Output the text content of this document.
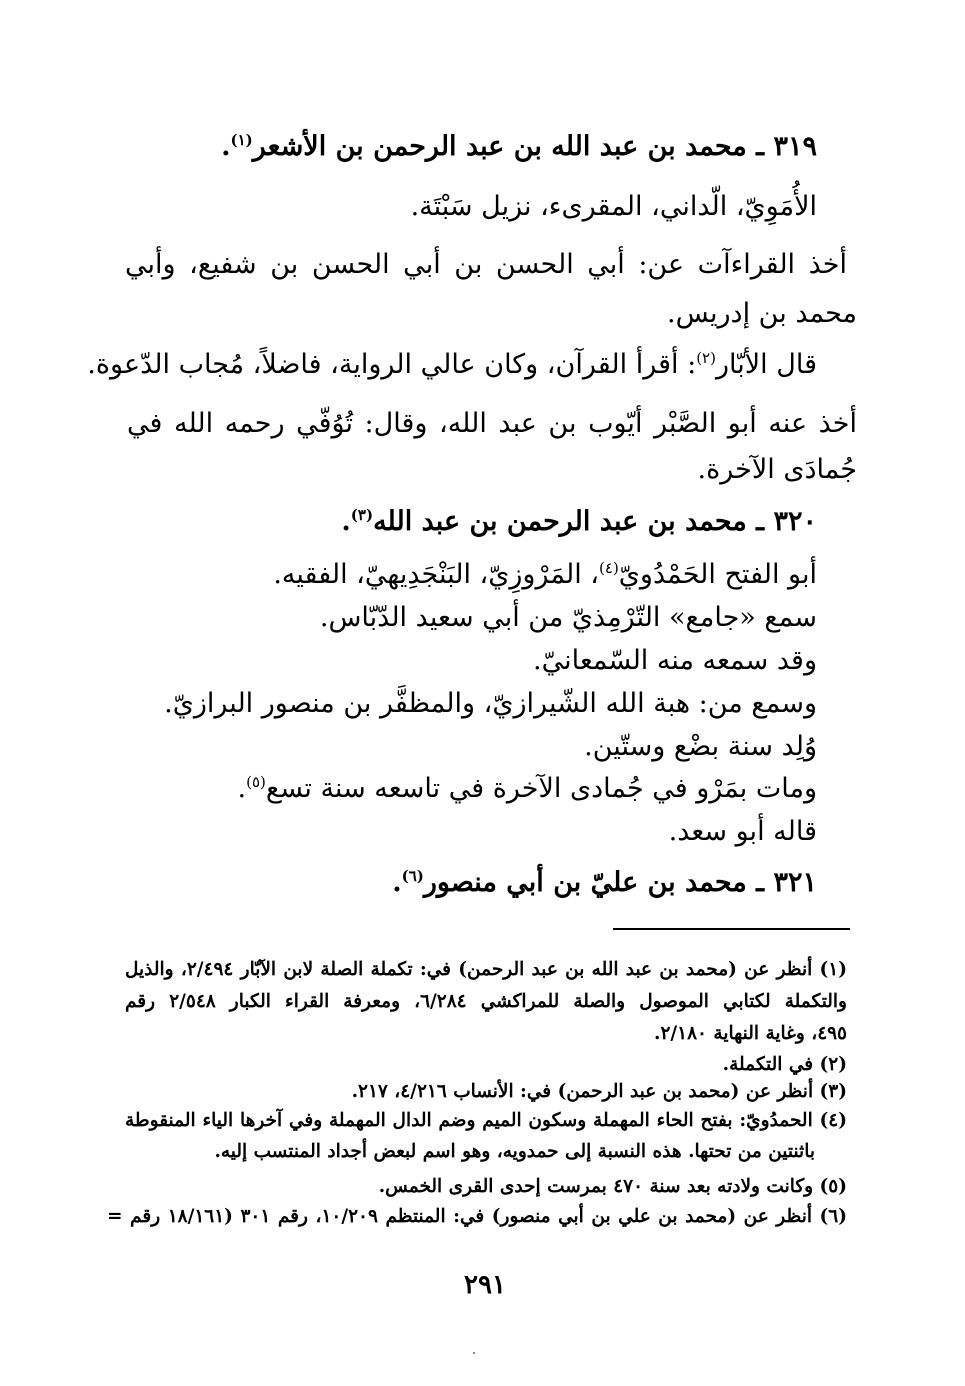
٣١٩ ـ محمد بن عبد الله بن عبد الرحمن بن الأشعر$^{(١)}$.
الأُمَوِيّ، الّداني، المقرىء، نزيل سَبْتَة.
أخذ القراءآت عن: أبي الحسن بن أبي الحسن بن شفيع، وأبي
محمد بن إدريس.
قال الأبّار$^{(٢)}$: أقرأ القرآن، وكان عالي الرواية، فاضلاً، مُجاب الدّعوة.
أخذ عنه أبو الصَّبْر أيّوب بن عبد الله، وقال: تُوُفّي رحمه الله في
جُمادَى الآخرة.
٣٢٠ ـ محمد بن عبد الرحمن بن عبد الله$^{(٣)}$.
أبو الفتح الحَمْدُويّ$^{(٤)}$، المَرْوزِيّ، البَنْجَدِيهيّ، الفقيه.
سمع «جامع» التّرْمِذيّ من أبي سعيد الدّبّاس.
وقد سمعه منه السّمعانيّ.
وسمع من: هبة الله الشّيرازيّ، والمظفَّر بن منصور البرازيّ.
وُلِد سنة بضْع وستّين.
ومات بمَرْو في جُمادى الآخرة في تاسعه سنة تسع$^{(٥)}$.
قاله أبو سعد.
٣٢١ ـ محمد بن عليّ بن أبي منصور$^{(٦)}$.
(١) أنظر عن (محمد بن عبد الله بن عبد الرحمن) في: تكملة الصلة لابن الآبّار ٢/٤٩٤، والذيل
والتكملة لكتابي الموصول والصلة للمراكشي ٦/٢٨٤، ومعرفة القراء الكبار ٢/٥٤٨ رقم
٤٩٥، وغاية النهاية ٢/١٨٠.
(٢) في التكملة.
(٣) أنظر عن (محمد بن عبد الرحمن) في: الأنساب ٤/٢١٦، ٢١٧.
(٤) الحمدُويّ: بفتح الحاء المهملة وسكون الميم وضم الدال المهملة وفي آخرها الياء المنقوطة
باثنتين من تحتها. هذه النسبة إلى حمدويه، وهو اسم لبعض أجداد المنتسب إليه.
(٥) وكانت ولادته بعد سنة ٤٧٠ بمرست إحدى القرى الخمس.
(٦) أنظر عن (محمد بن علي بن أبي منصور) في: المنتظم ١٠/٢٠٩، رقم ٣٠١ (١٨/١٦١ رقم =
٢٩١
